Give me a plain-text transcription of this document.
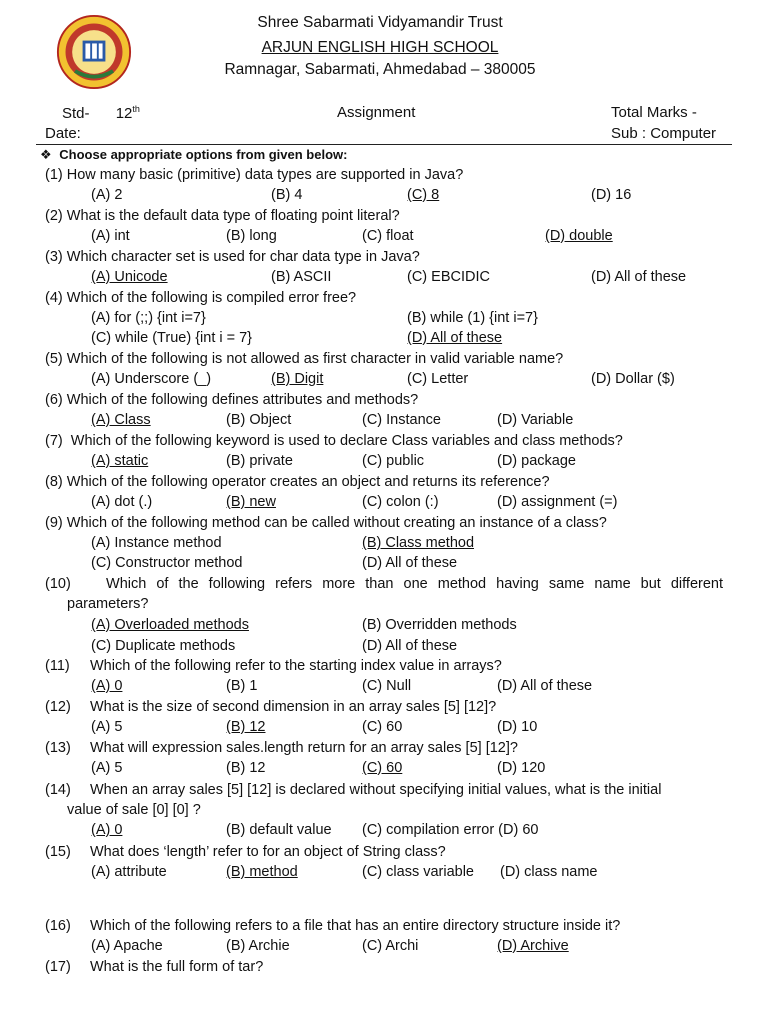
Shree Sabarmati Vidyamandir Trust
ARJUN ENGLISH HIGH SCHOOL
Ramnagar, Sabarmati, Ahmedabad – 380005
Std- 12th	Assignment	Total Marks -
Date:	Sub : Computer
❖ Choose appropriate options from given below:
(1) How many basic (primitive) data types are supported in Java?
(A) 2	(B) 4	(C) 8	(D) 16
(2) What is the default data type of floating point literal?
(A) int	(B) long	(C) float	(D) double
(3) Which character set is used for char data type in Java?
(A) Unicode	(B) ASCII	(C) EBCIDIC	(D) All of these
(4) Which of the following is compiled error free?
(A) for (;;) {int i=7}	(B) while (1) {int i=7}
(C) while (True) {int i = 7}	(D) All of these
(5) Which of the following is not allowed as first character in valid variable name?
(A) Underscore (_)	(B) Digit	(C) Letter	(D) Dollar ($)
(6) Which of the following defines attributes and methods?
(A) Class	(B) Object	(C) Instance	(D) Variable
(7) Which of the following keyword is used to declare Class variables and class methods?
(A) static	(B) private	(C) public	(D) package
(8) Which of the following operator creates an object and returns its reference?
(A) dot (.)	(B) new	(C) colon (:)	(D) assignment (=)
(9) Which of the following method can be called without creating an instance of a class?
(A) Instance method	(B) Class method
(C) Constructor method	(D) All of these
(10) Which of the following refers more than one method having same name but different
parameters?
(A) Overloaded methods	(B) Overridden methods
(C) Duplicate methods	(D) All of these
(11) Which of the following refer to the starting index value in arrays?
(A) 0	(B) 1	(C) Null	(D) All of these
(12) What is the size of second dimension in an array sales [5] [12]?
(A) 5	(B) 12	(C) 60	(D) 10
(13) What will expression sales.length return for an array sales [5] [12]?
(A) 5	(B) 12	(C) 60	(D) 120
(14) When an array sales [5] [12] is declared without specifying initial values, what is the initial
value of sale [0] [0] ?
(A) 0	(B) default value (C) compilation error (D) 60
(15) What does ‘length’ refer to for an object of String class?
(A) attribute	(B) method	(C) class variable (D) class name
(16) Which of the following refers to a file that has an entire directory structure inside it?
(A) Apache	(B) Archie	(C) Archi	(D) Archive
(17) What is the full form of tar?
